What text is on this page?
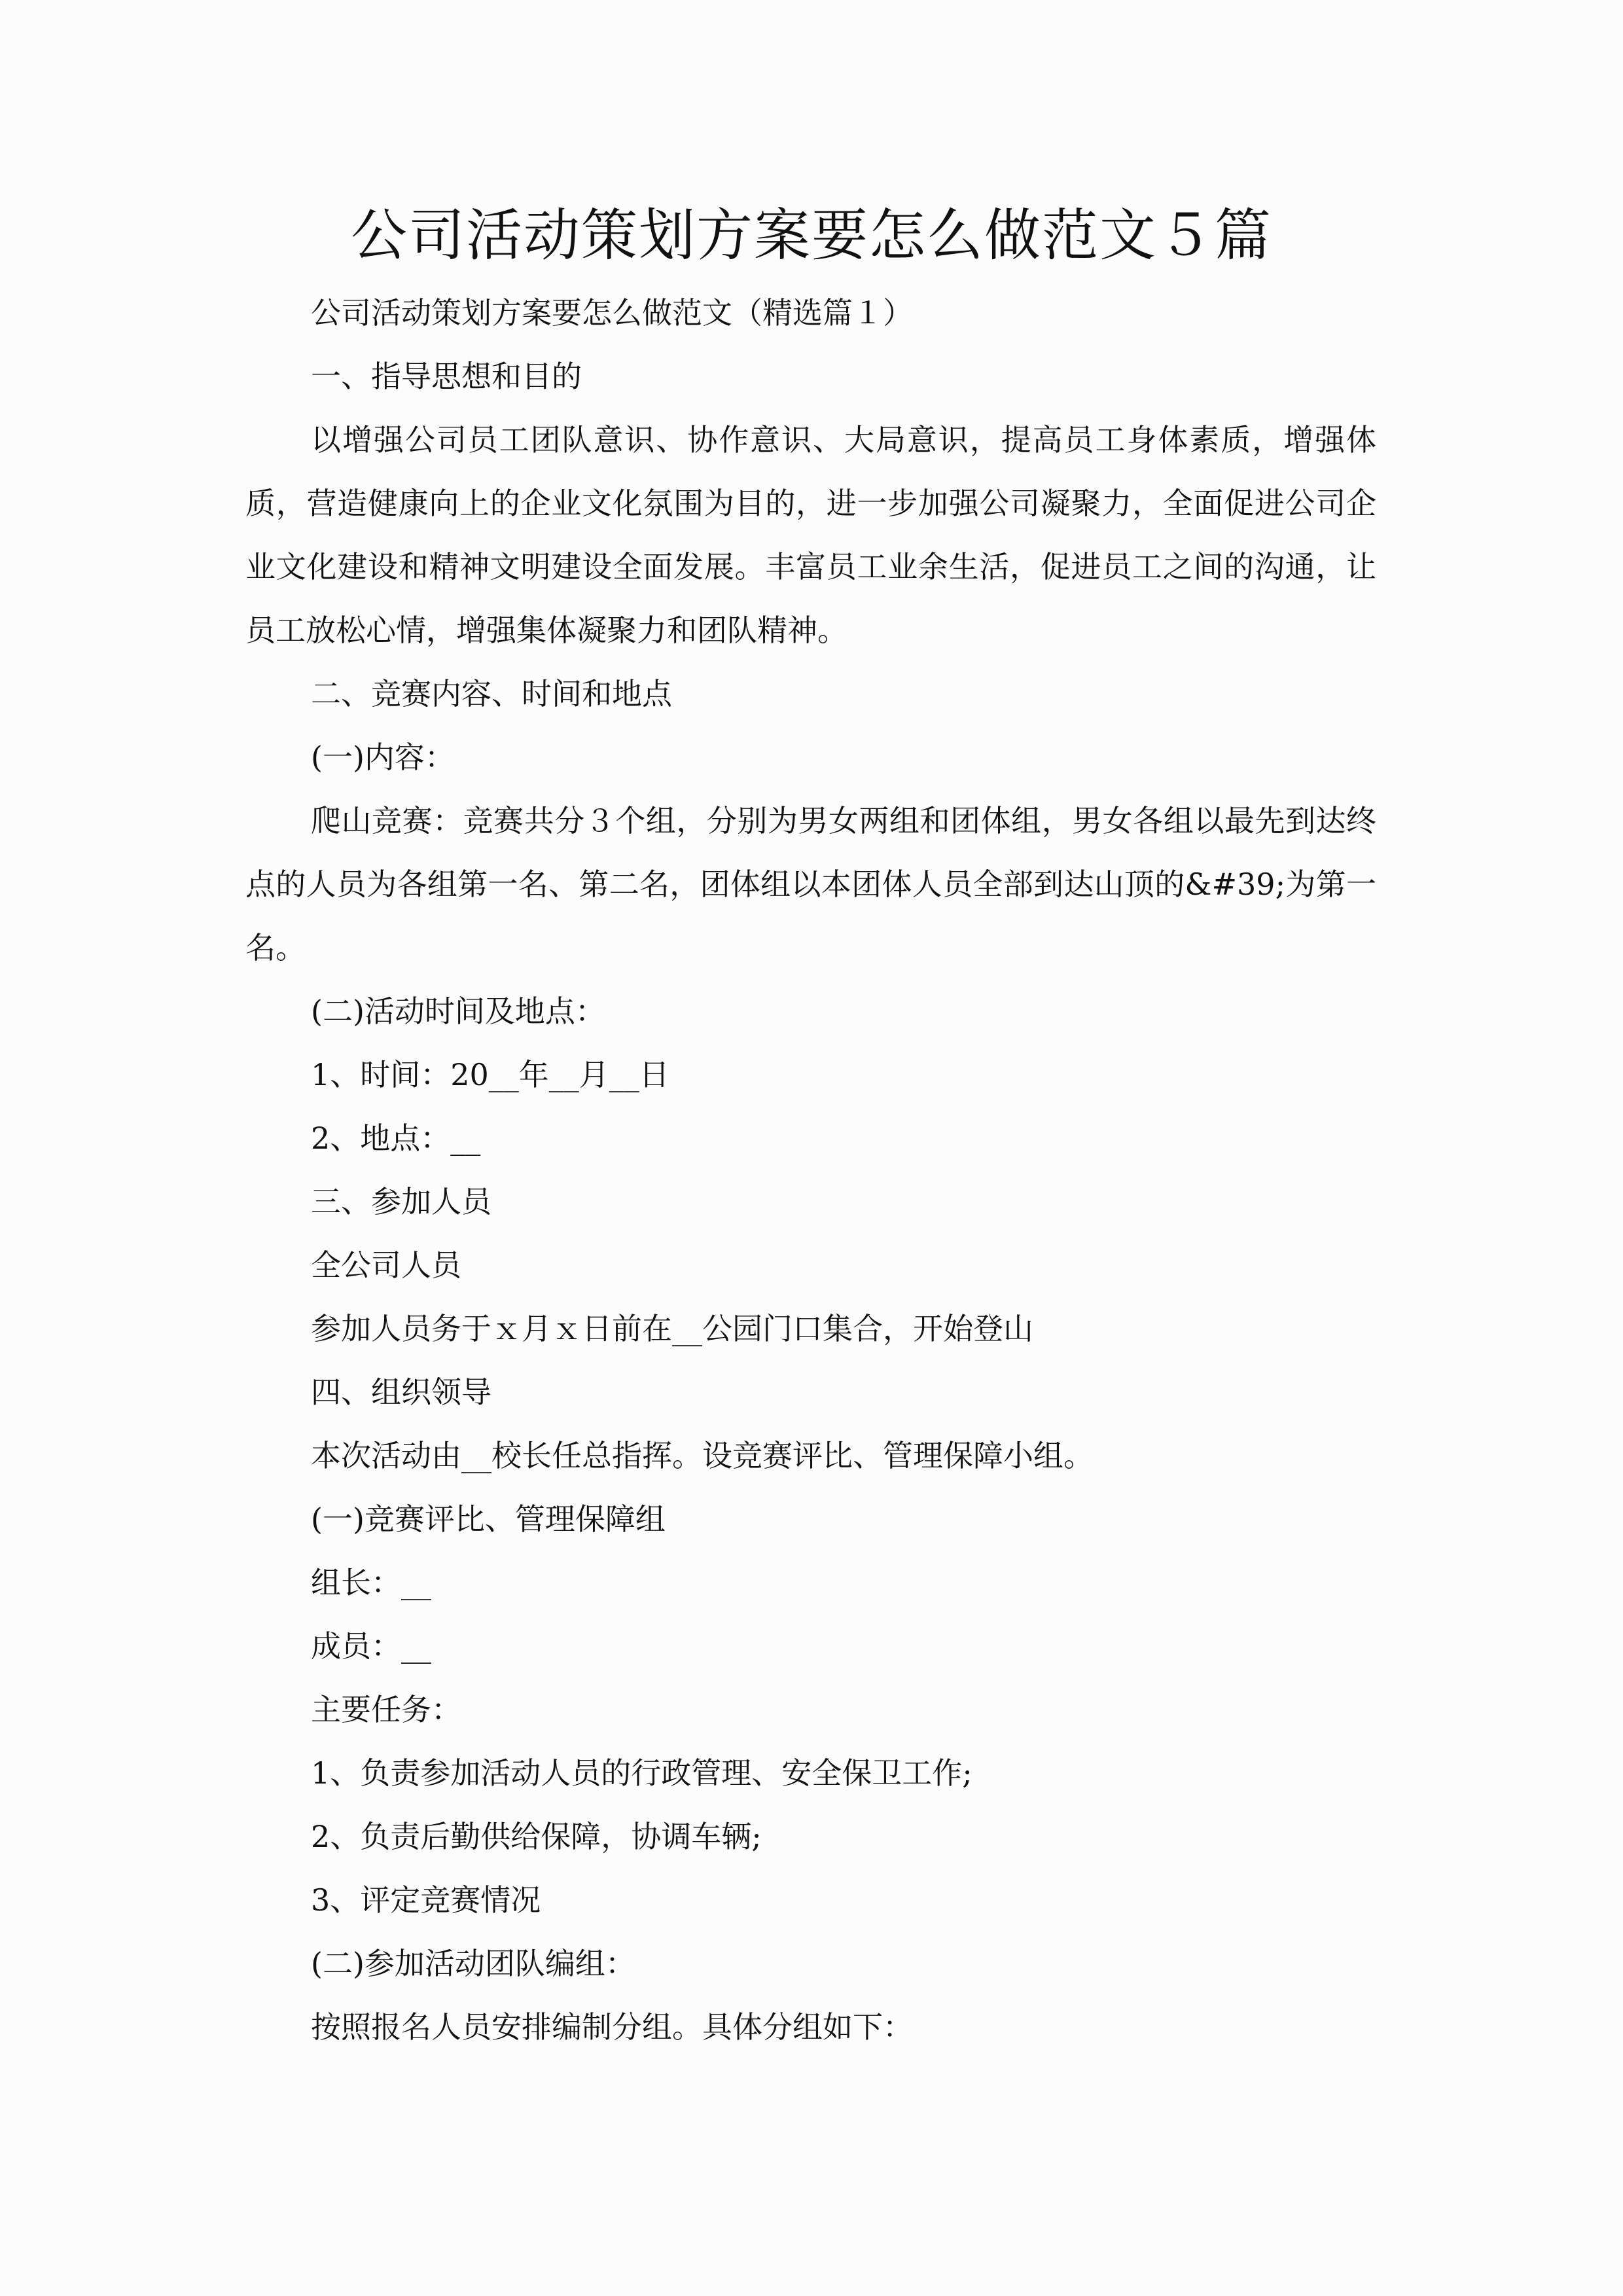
公司活动策划方案要怎么做范文５篇

公司活动策划方案要怎么做范文（精选篇１）

一、指导思想和目的

以增强公司员工团队意识、协作意识、大局意识，提高员工身体素质，增强体质，营造健康向上的企业文化氛围为目的，进一步加强公司凝聚力，全面促进公司企业文化建设和精神文明建设全面发展。丰富员工业余生活，促进员工之间的沟通，让员工放松心情，增强集体凝聚力和团队精神。

二、竞赛内容、时间和地点

(一)内容：

爬山竞赛：竞赛共分３个组，分别为男女两组和团体组，男女各组以最先到达终点的人员为各组第一名、第二名，团体组以本团体人员全部到达山顶的&#39;为第一名。

(二)活动时间及地点：

1、时间：20__年__月__日

2、地点：__

三、参加人员

全公司人员

参加人员务于ｘ月ｘ日前在__公园门口集合，开始登山

四、组织领导

本次活动由__校长任总指挥。设竞赛评比、管理保障小组。

(一)竞赛评比、管理保障组

组长：__

成员：__

主要任务：

1、负责参加活动人员的行政管理、安全保卫工作;

2、负责后勤供给保障，协调车辆;

3、评定竞赛情况

(二)参加活动团队编组：

按照报名人员安排编制分组。具体分组如下：
